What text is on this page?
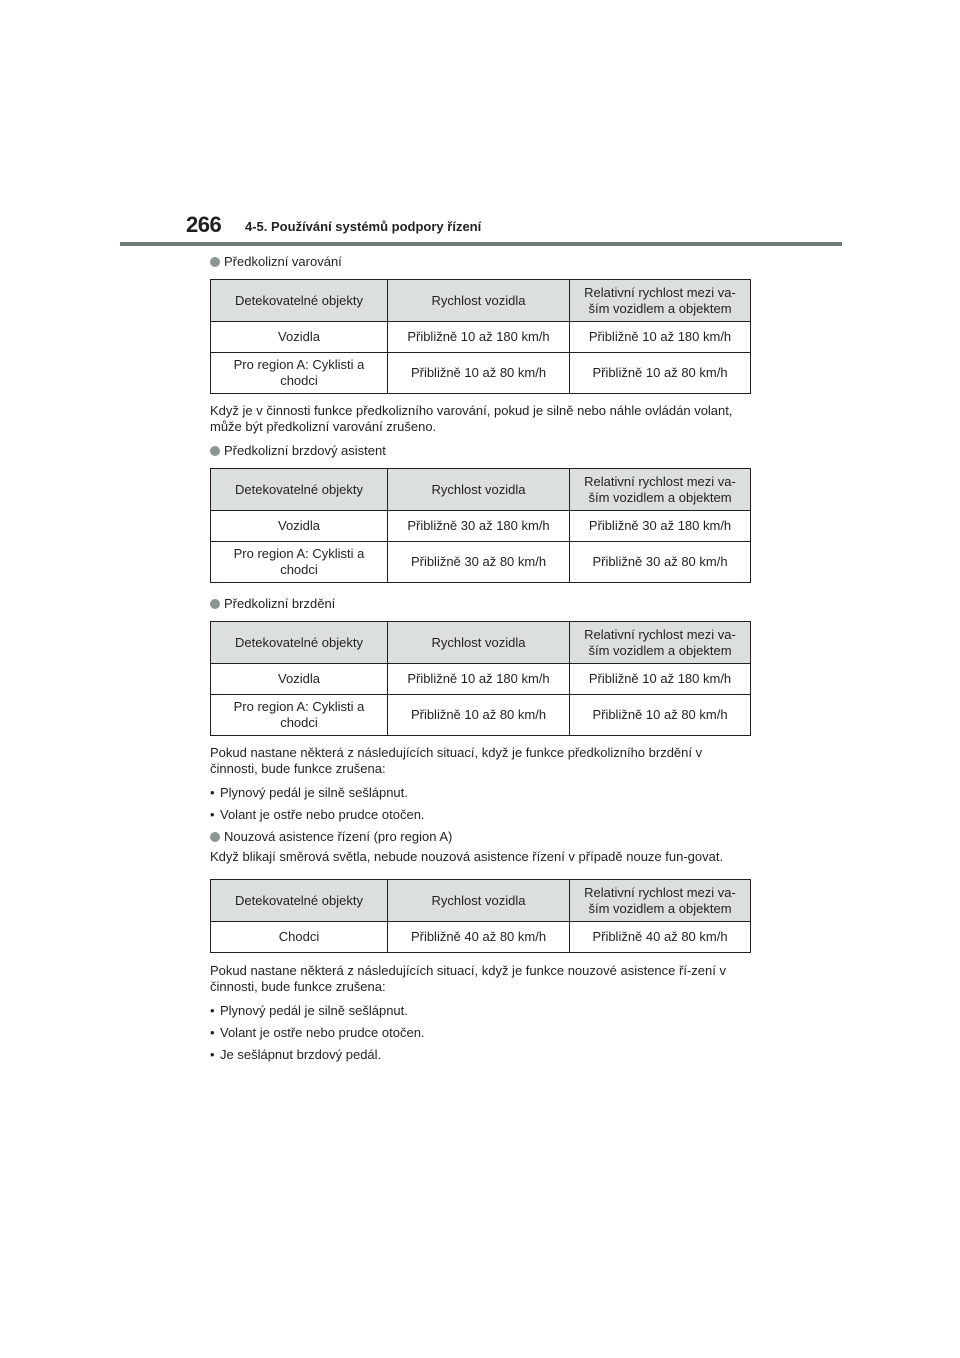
266 4-5. Používání systémů podpory řízení
Předkolizní varování
Detekovatelné objekty	Rychlost vozidla	Relativní rychlost mezi va-ším vozidlem a objektem
Vozidla	Přibližně 10 až 180 km/h	Přibližně 10 až 180 km/h
Pro region A: Cyklisti a chodci	Přibližně 10 až 80 km/h	Přibližně 10 až 80 km/h

Když je v činnosti funkce předkolizního varování, pokud je silně nebo náhle ovládán volant, může být předkolizní varování zrušeno.

Předkolizní brzdový asistent
Detekovatelné objekty	Rychlost vozidla	Relativní rychlost mezi va-ším vozidlem a objektem
Vozidla	Přibližně 30 až 180 km/h	Přibližně 30 až 180 km/h
Pro region A: Cyklisti a chodci	Přibližně 30 až 80 km/h	Přibližně 30 až 80 km/h
Předkolizní brzdění
Detekovatelné objekty	Rychlost vozidla	Relativní rychlost mezi va-ším vozidlem a objektem
Vozidla	Přibližně 10 až 180 km/h	Přibližně 10 až 180 km/h
Pro region A: Cyklisti a chodci	Přibližně 10 až 80 km/h	Přibližně 10 až 80 km/h

Pokud nastane některá z následujících situací, když je funkce předkolizního brzdění v činnosti, bude funkce zrušena:

• Plynový pedál je silně sešlápnut.
• Volant je ostře nebo prudce otočen.
Nouzová asistence řízení (pro region A)

Když blikají směrová světla, nebude nouzová asistence řízení v případě nouze fun-govat.

Detekovatelné objekty	Rychlost vozidla	Relativní rychlost mezi va-ším vozidlem a objektem
Chodci	Přibližně 40 až 80 km/h	Přibližně 40 až 80 km/h

Pokud nastane některá z následujících situací, když je funkce nouzové asistence ří-zení v činnosti, bude funkce zrušena:

• Plynový pedál je silně sešlápnut.
• Volant je ostře nebo prudce otočen.
• Je sešlápnut brzdový pedál.
